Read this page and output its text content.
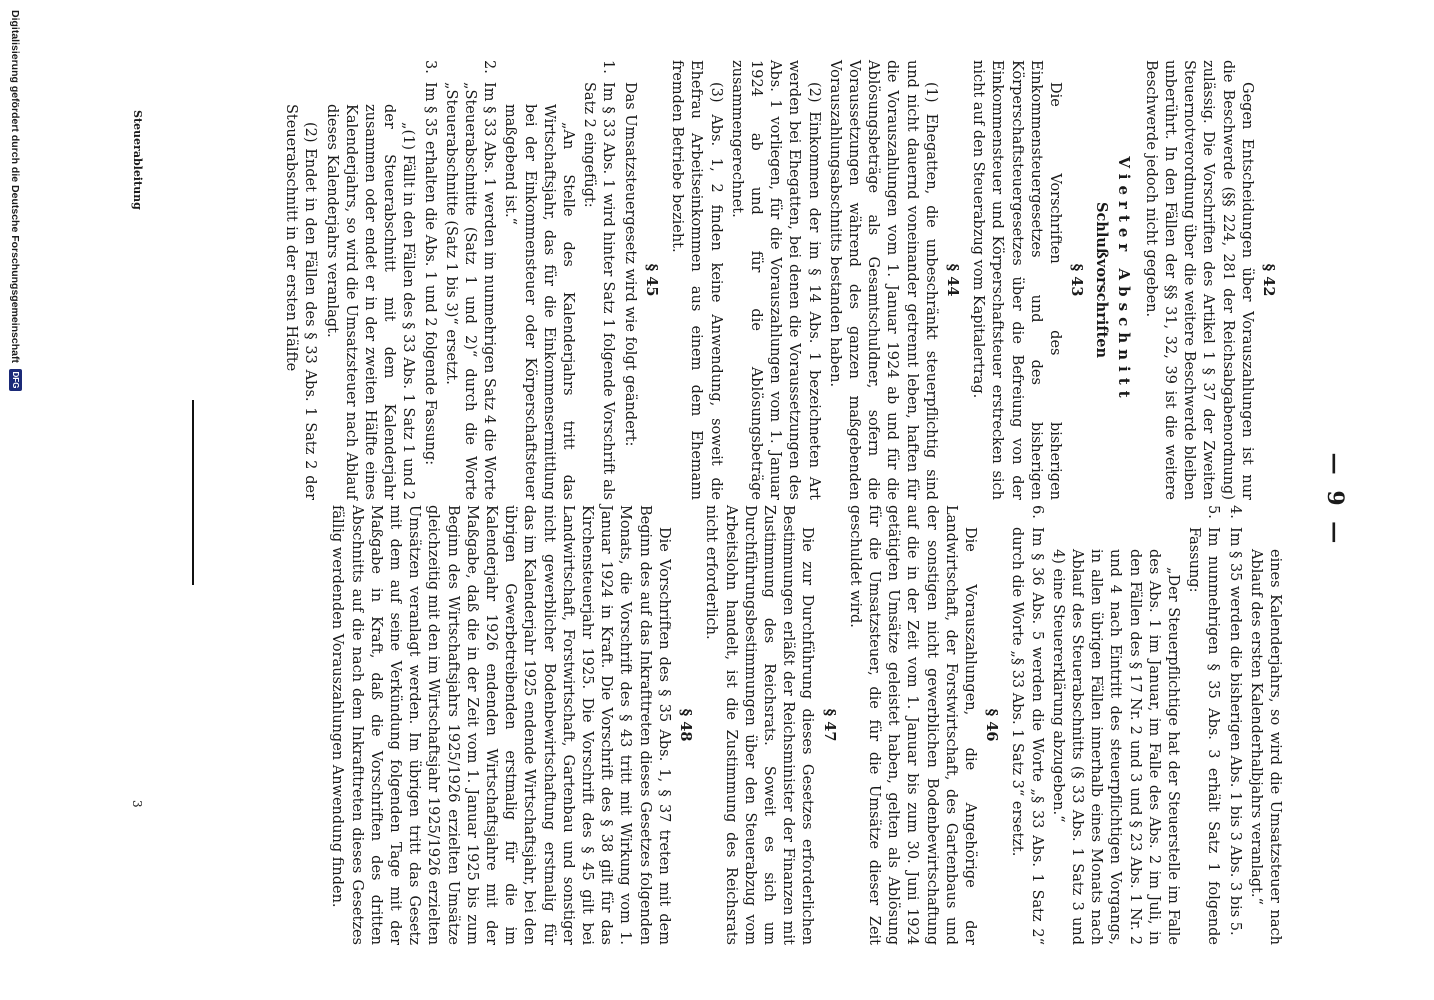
— 9 —
§ 42

Gegen Entscheidungen über Vorauszahlungen ist nur die Beschwerde (§§ 224, 281 der Reichsabgabenordnung) zulässig. Die Vorschriften des Artikel 1 § 37 der Zweiten Steuernotverordnung über die weitere Beschwerde bleiben unberührt. In den Fällen der §§ 31, 32, 39 ist die weitere Beschwerde jedoch nicht gegeben.

Vierter Abschnitt
Schlußvorschriften
§ 43

Die Vorschriften des bisherigen Einkommensteuergesetzes und des bisherigen Körperschaftsteuergesetzes über die Befreiung von der Einkommensteuer und Körperschaftsteuer erstrecken sich nicht auf den Steuerabzug vom Kapitalertrag.

§ 44

(1) Ehegatten, die unbeschränkt steuerpflichtig sind und nicht dauernd voneinander getrennt leben, haften für die Vorauszahlungen vom 1. Januar 1924 ab und für die Ablösungsbeträge als Gesamtschuldner, sofern die Voraussetzungen während des ganzen maßgebenden Vorauszahlungsabschnitts bestanden haben.

(2) Einkommen der im § 14 Abs. 1 bezeichneten Art werden bei Ehegatten, bei denen die Voraussetzungen des Abs. 1 vorliegen, für die Vorauszahlungen vom 1. Januar 1924 ab und für die Ablösungsbeträge zusammengerechnet.

(3) Abs. 1, 2 finden keine Anwendung, soweit die Ehefrau Arbeitseinkommen aus einem dem Ehemann fremden Betriebe bezieht.

§ 45

Das Umsatzsteuergesetz wird wie folgt geändert:

1.
Im § 33 Abs. 1 wird hinter Satz 1 folgende Vorschrift als Satz 2 eingefügt:

„An Stelle des Kalenderjahrs tritt das Wirtschaftsjahr, das für die Einkommensermittlung bei der Einkommensteuer oder Körperschaftsteuer maßgebend ist.“

2.
Im § 33 Abs. 1 werden im nunmehrigen Satz 4 die Worte „Steuerabschnitte (Satz 1 und 2)“ durch die Worte „Steuerabschnitte (Satz 1 bis 3)“ ersetzt.
3.
Im § 35 erhalten die Abs. 1 und 2 folgende Fassung:

„(1) Fällt in den Fällen des § 33 Abs. 1 Satz 1 und 2 der Steuerabschnitt mit dem Kalenderjahr zusammen oder endet er in der zweiten Hälfte eines Kalenderjahrs, so wird die Umsatzsteuer nach Ablauf dieses Kalenderjahrs veranlagt.

(2) Endet in den Fällen des § 33 Abs. 1 Satz 2 der Steuerabschnitt in der ersten Hälfte

eines Kalenderjahrs, so wird die Umsatzsteuer nach Ablauf des ersten Kalenderhalbjahrs veranlagt.“

4.
Im § 35 werden die bisherigen Abs. 1 bis 3 Abs. 3 bis 5.
5.
Im nunmehrigen § 35 Abs. 3 erhält Satz 1 folgende Fassung:

„Der Steuerpflichtige hat der Steuerstelle im Falle des Abs. 1 im Januar, im Falle des Abs. 2 im Juli, in den Fällen des § 17 Nr. 2 und 3 und § 23 Abs. 1 Nr. 2 und 4 nach Eintritt des steuerpflichtigen Vorgangs, in allen übrigen Fällen innerhalb eines Monats nach Ablauf des Steuerabschnitts (§ 33 Abs. 1 Satz 3 und 4) eine Steuererklärung abzugeben.“

6.
Im § 36 Abs. 5 werden die Worte „§ 33 Abs. 1 Satz 2“ durch die Worte „§ 33 Abs. 1 Satz 3“ ersetzt.
§ 46

Die Vorauszahlungen, die Angehörige der Landwirtschaft, der Forstwirtschaft, des Gartenbaus und der sonstigen nicht gewerblichen Bodenbewirtschaftung auf die in der Zeit vom 1. Januar bis zum 30. Juni 1924 getätigten Umsätze geleistet haben, gelten als Ablösung für die Umsatzsteuer, die für die Umsätze dieser Zeit geschuldet wird.

§ 47

Die zur Durchführung dieses Gesetzes erforderlichen Bestimmungen erläßt der Reichsminister der Finanzen mit Zustimmung des Reichsrats. Soweit es sich um Durchführungsbestimmungen über den Steuerabzug vom Arbeitslohn handelt, ist die Zustimmung des Reichsrats nicht erforderlich.

§ 48

Die Vorschriften des § 35 Abs. 1, § 37 treten mit dem Beginn des auf das Inkrafttreten dieses Gesetzes folgenden Monats, die Vorschrift des § 43 tritt mit Wirkung vom 1. Januar 1924 in Kraft. Die Vorschrift des § 38 gilt für das Kirchensteuerjahr 1925. Die Vorschrift des § 45 gilt bei Landwirtschaft, Forstwirtschaft, Gartenbau und sonstiger nicht gewerblicher Bodenbewirtschaftung erstmalig für das im Kalenderjahr 1925 endende Wirtschaftsjahr, bei den übrigen Gewerbetreibenden erstmalig für die im Kalenderjahr 1926 endenden Wirtschaftsjahre mit der Maßgabe, daß die in der Zeit vom 1. Januar 1925 bis zum Beginn des Wirtschaftsjahrs 1925/1926 erzielten Umsätze gleichzeitig mit den im Wirtschaftsjahr 1925/1926 erzielten Umsätzen veranlagt werden. Im übrigen tritt das Gesetz mit dem auf seine Verkündung folgenden Tage mit der Maßgabe in Kraft, daß die Vorschriften des dritten Abschnitts auf die nach dem Inkrafttreten dieses Gesetzes fällig werdenden Vorauszahlungen Anwendung finden.

Steuerableitung
3
Digitalisierung gefördert durch die Deutsche Forschungsgemeinschaft
DFG
